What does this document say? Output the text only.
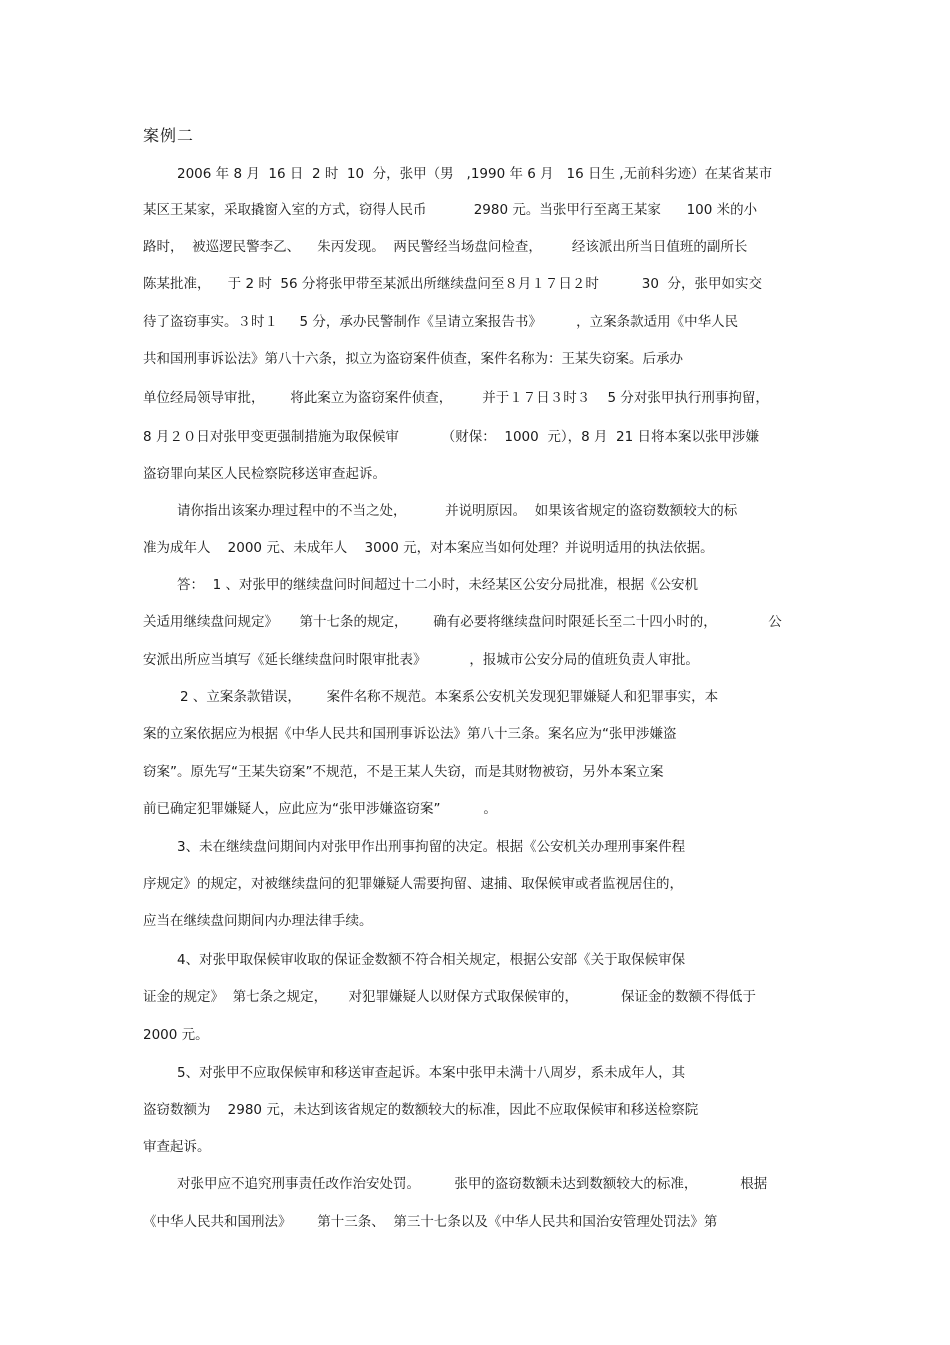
案例二
2006 年 8 月  16 日  2 时  10  分，张甲（男   ,1990 年 6 月   16 日生 ,无前科劣迹）在某省某市
某区王某家，采取撬窗入室的方式，窃得人民币           2980 元。当张甲行至离王某家      100 米的小
路时，  被巡逻民警李乙、    朱丙发现。  两民警经当场盘问检查，       经该派出所当日值班的副所长
陈某批准，    于 2 时  56 分将张甲带至某派出所继续盘问至８月１７日２时          30  分，张甲如实交
待了盗窃事实。３时１     5 分，承办民警制作《呈请立案报告书》        ，立案条款适用《中华人民
共和国刑事诉讼法》第八十六条，拟立为盗窃案件侦查，案件名称为：王某失窃案。后承办
单位经局领导审批，      将此案立为盗窃案件侦查，       并于１７日３时３    5 分对张甲执行刑事拘留，
8 月２０日对张甲变更强制措施为取保候审          （财保：  1000  元），8 月  21 日将本案以张甲涉嫌
盗窃罪向某区人民检察院移送审查起诉。
请你指出该案办理过程中的不当之处，         并说明原因。  如果该省规定的盗窃数额较大的标
准为成年人    2000 元、未成年人    3000 元，对本案应当如何处理？并说明适用的执法依据。
答：  1 、对张甲的继续盘问时间超过十二小时，未经某区公安分局批准，根据《公安机
关适用继续盘问规定》     第十七条的规定，      确有必要将继续盘问时限延长至二十四小时的，            公
安派出所应当填写《延长继续盘问时限审批表》          ，报城市公安分局的值班负责人审批。
2 、立案条款错误，      案件名称不规范。本案系公安机关发现犯罪嫌疑人和犯罪事实，本
案的立案依据应为根据《中华人民共和国刑事诉讼法》第八十三条。案名应为“张甲涉嫌盗
窃案”。原先写“王某失窃案”不规范，不是王某人失窃，而是其财物被窃，另外本案立案
前已确定犯罪嫌疑人，应此应为“张甲涉嫌盗窃案”          。
3、未在继续盘问期间内对张甲作出刑事拘留的决定。根据《公安机关办理刑事案件程
序规定》的规定，对被继续盘问的犯罪嫌疑人需要拘留、逮捕、取保候审或者监视居住的，
应当在继续盘问期间内办理法律手续。
4、对张甲取保候审收取的保证金数额不符合相关规定，根据公安部《关于取保候审保
证金的规定》  第七条之规定，     对犯罪嫌疑人以财保方式取保候审的，          保证金的数额不得低于
2000 元。
5、对张甲不应取保候审和移送审查起诉。本案中张甲未满十八周岁，系未成年人，其
盗窃数额为    2980 元，未达到该省规定的数额较大的标准，因此不应取保候审和移送检察院
审查起诉。
对张甲应不追究刑事责任改作治安处罚。        张甲的盗窃数额未达到数额较大的标准，          根据
《中华人民共和国刑法》      第十三条、  第三十七条以及《中华人民共和国治安管理处罚法》第
